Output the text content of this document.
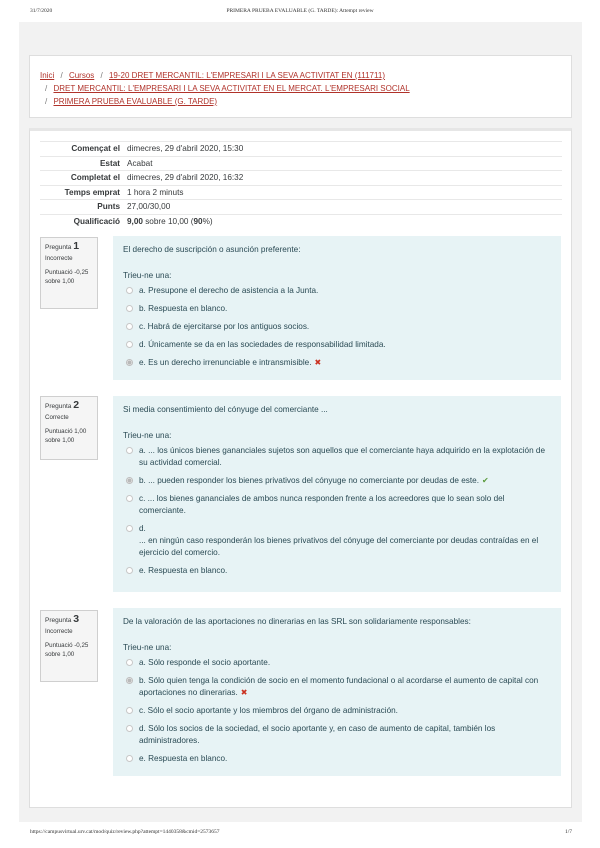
31/7/2020	PRIMERA PRUEBA EVALUABLE (G. TARDE): Attempt review
Inici / Cursos / 19-20 DRET MERCANTIL: L'EMPRESARI I LA SEVA ACTIVITAT EN (111711)
/ DRET MERCANTIL: L'EMPRESARI I LA SEVA ACTIVITAT EN EL MERCAT. L'EMPRESARI SOCIAL
/ PRIMERA PRUEBA EVALUABLE (G. TARDE)
Començat el	dimecres, 29 d'abril 2020, 15:30
Estat	Acabat
Completat el	dimecres, 29 d'abril 2020, 16:32
Temps emprat	1 hora 2 minuts
Punts	27,00/30,00
Qualificació	9,00 sobre 10,00 (90%)
Pregunta 1
Incorrecte
Puntuació -0,25 sobre 1,00
El derecho de suscripción o asunción preferente:
Trieu-ne una:
a. Presupone el derecho de asistencia a la Junta.
b. Respuesta en blanco.
c. Habrá de ejercitarse por los antiguos socios.
d. Únicamente se da en las sociedades de responsabilidad limitada.
e. Es un derecho irrenunciable e intransmisible. ✖
Pregunta 2
Correcte
Puntuació 1,00 sobre 1,00
Si media consentimiento del cónyuge del comerciante ...
Trieu-ne una:
a. ... los únicos bienes gananciales sujetos son aquellos que el comerciante haya adquirido en la explotación de su actividad comercial.
b. ... pueden responder los bienes privativos del cónyuge no comerciante por deudas de este. ✔
c. ... los bienes gananciales de ambos nunca responden frente a los acreedores que lo sean solo del comerciante.
d.
... en ningún caso responderán los bienes privativos del cónyuge del comerciante por deudas contraídas en el ejercicio del comercio.
e. Respuesta en blanco.
Pregunta 3
Incorrecte
Puntuació -0,25 sobre 1,00
De la valoración de las aportaciones no dinerarias en las SRL son solidariamente responsables:
Trieu-ne una:
a. Sólo responde el socio aportante.
b. Sólo quien tenga la condición de socio en el momento fundacional o al acordarse el aumento de capital con aportaciones no dinerarias. ✖
c. Sólo el socio aportante y los miembros del órgano de administración.
d. Sólo los socios de la sociedad, el socio aportante y, en caso de aumento de capital, también los administradores.
e. Respuesta en blanco.
https://campusvirtual.urv.cat/mod/quiz/review.php?attempt=1440358&cmid=2573657	1/7
